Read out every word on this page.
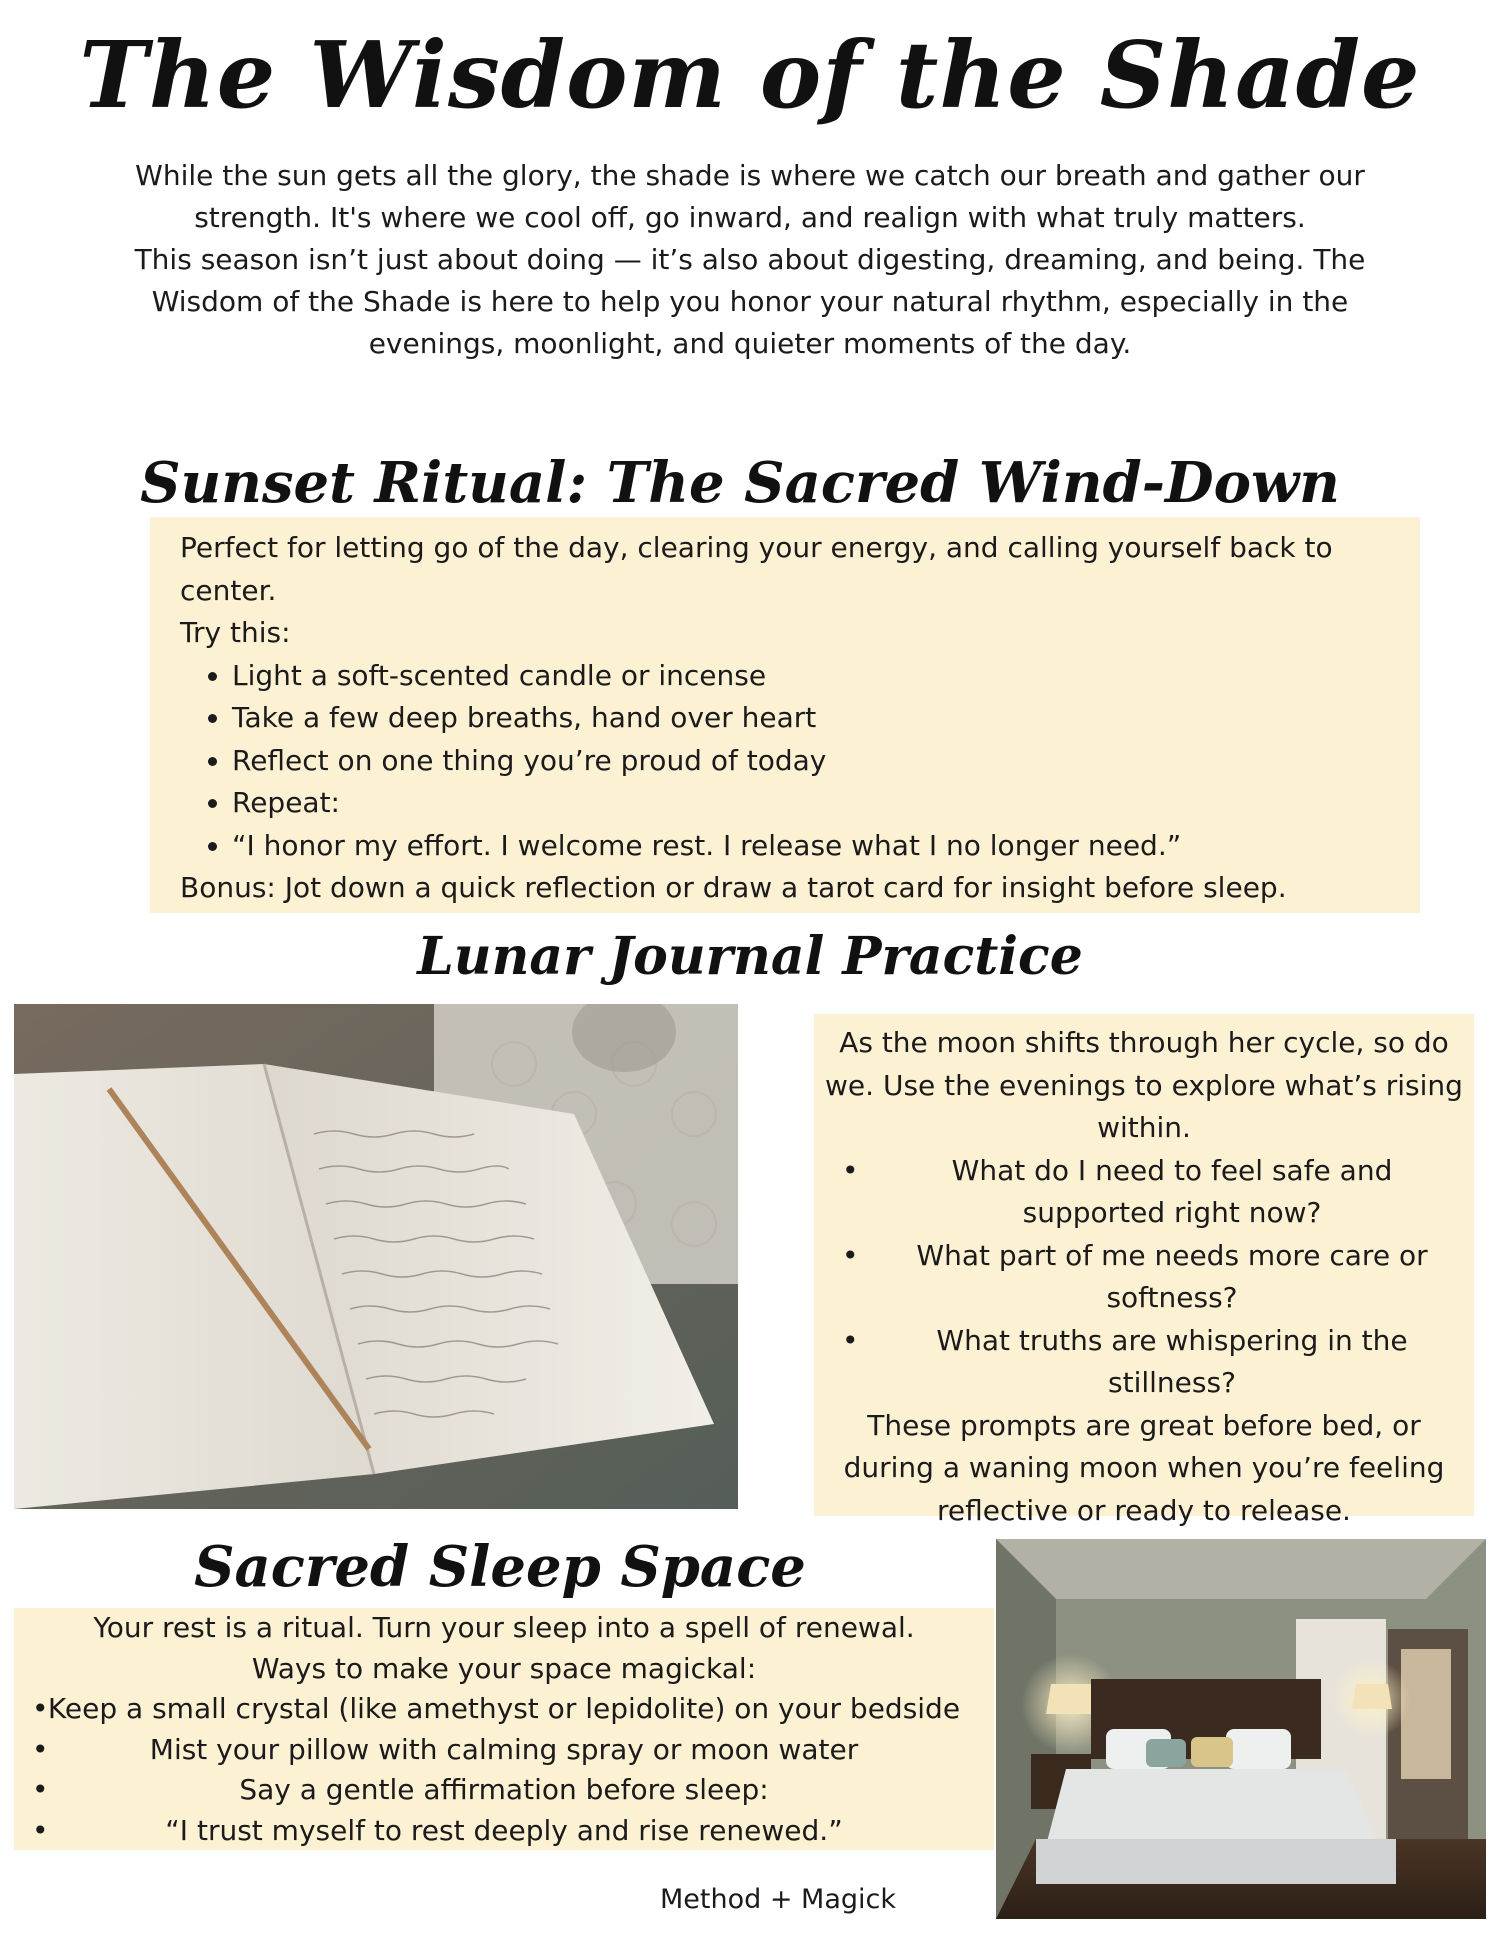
The Wisdom of the Shade

While the sun gets all the glory, the shade is where we catch our breath and gather our strength. It's where we cool off, go inward, and realign with what truly matters.

This season isn’t just about doing — it’s also about digesting, dreaming, and being. The Wisdom of the Shade is here to help you honor your natural rhythm, especially in the evenings, moonlight, and quieter moments of the day.

Sunset Ritual: The Sacred Wind-Down

Perfect for letting go of the day, clearing your energy, and calling yourself back to center.

Try this:

• Light a soft-scented candle or incense
• Take a few deep breaths, hand over heart
• Reflect on one thing you’re proud of today
• Repeat:
• “I honor my effort. I welcome rest. I release what I no longer need.”

Bonus: Jot down a quick reflection or draw a tarot card for insight before sleep.

Lunar Journal Practice

As the moon shifts through her cycle, so do we. Use the evenings to explore what’s rising within.

•	What do I need to feel safe and supported right now?

• What part of me needs more care or softness?

•	What truths are whispering in the stillness?

These prompts are great before bed, or during a waning moon when you’re feeling reflective or ready to release.

Sacred Sleep Space

Your rest is a ritual. Turn your sleep into a spell of renewal.

Ways to make your space magickal:

• Keep a small crystal (like amethyst or lepidolite) on your bedside

•	Mist your pillow with calming spray or moon water

•	Say a gentle affirmation before sleep:

•	“I trust myself to rest deeply and rise renewed.”

Method + Magick
